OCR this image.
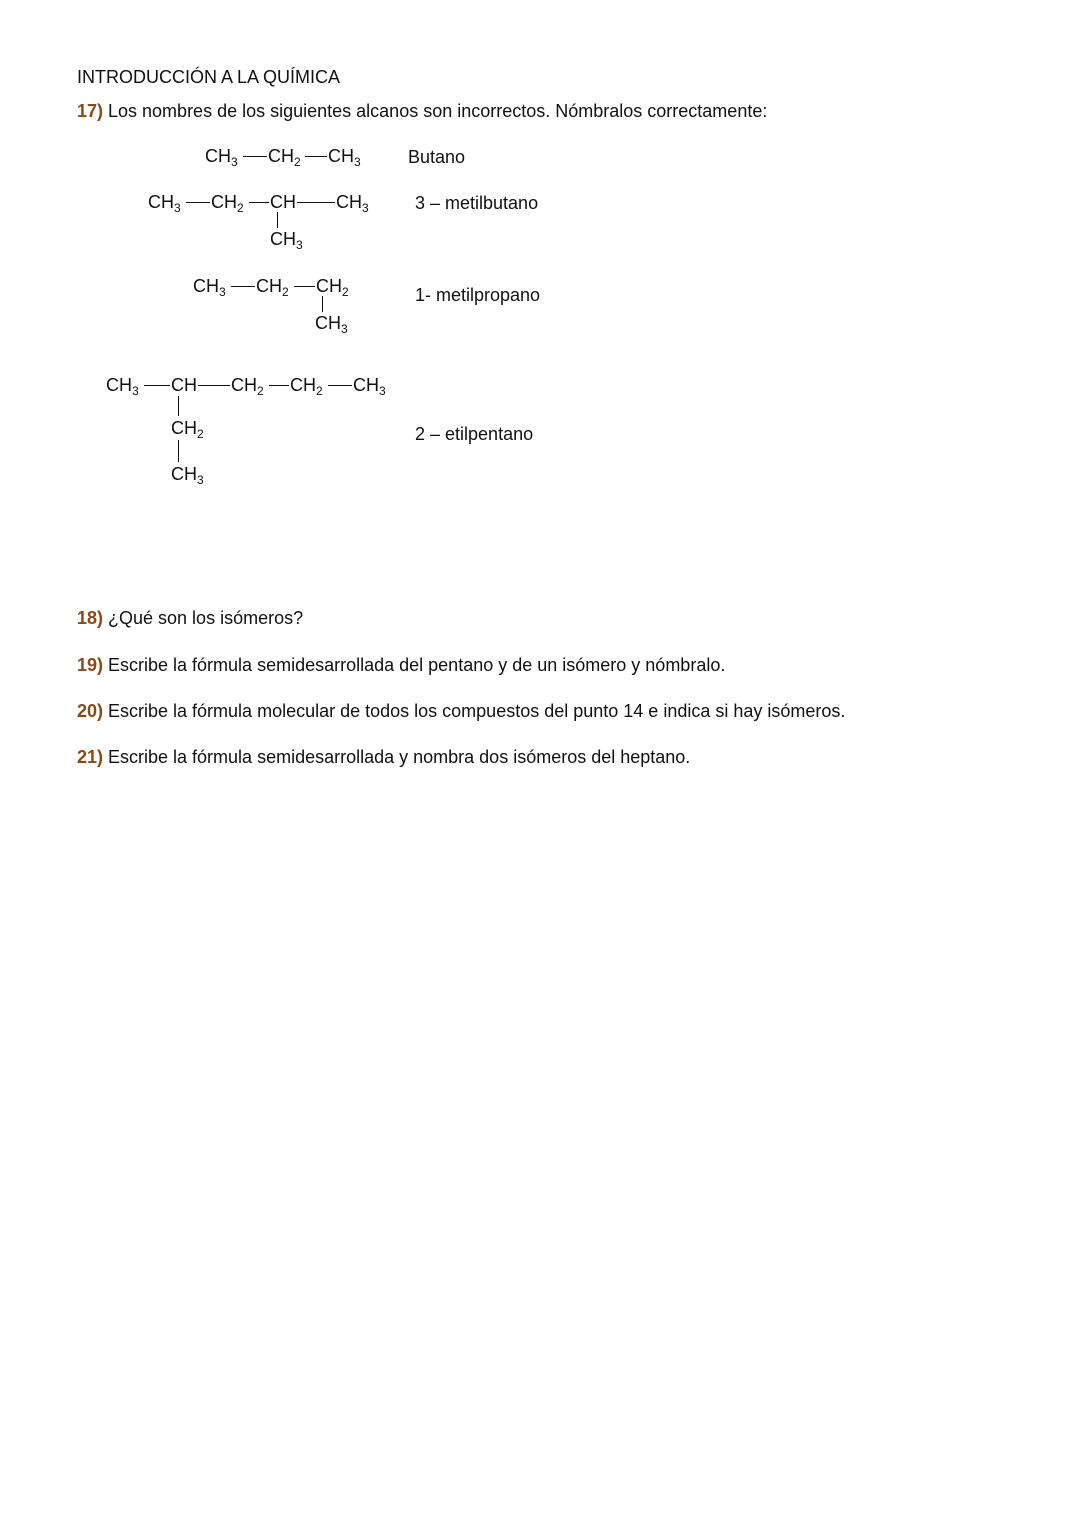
INTRODUCCIÓN A LA QUÍMICA
17) Los nombres de los siguientes alcanos son incorrectos. Nómbralos correctamente:
$CH_3$ $CH_2$ $CH_3$	Butano
$CH_3$ $CH_2$ CH $CH_3$
$CH_3$
3 – metilbutano
$CH_3$ $CH_2$ $CH_2$
$CH_3$
1- metilpropano
$CH_3$ CH $CH_2$ $CH_2$ $CH_3$
$CH_2$
$CH_3$
2 – etilpentano
18) ¿Qué son los isómeros?
19) Escribe la fórmula semidesarrollada del pentano y de un isómero y nómbralo.
20) Escribe la fórmula molecular de todos los compuestos del punto 14 e indica si hay isómeros.
21) Escribe la fórmula semidesarrollada y nombra dos isómeros del heptano.
